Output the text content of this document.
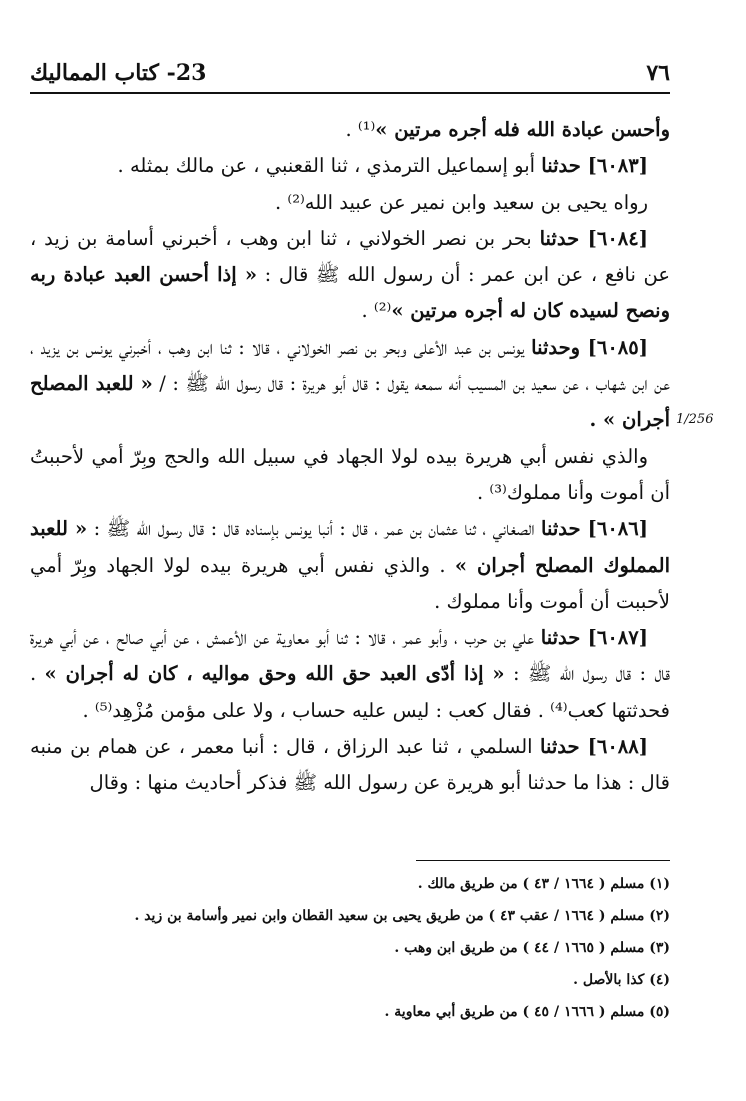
23- كتاب المماليك	٧٦

وأحسن عبادة الله فله أجره مرتين »⁽¹⁾ .

[٦٠٨٣] حدثنا أبو إسماعيل الترمذي ، ثنا القعنبي ، عن مالك بمثله .

رواه يحيى بن سعيد وابن نمير عن عبيد الله⁽²⁾ .

[٦٠٨٤] حدثنا بحر بن نصر الخولاني ، ثنا ابن وهب ، أخبرني أسامة بن زيد ، عن نافع ، عن ابن عمر : أن رسول الله ﷺ قال : « إذا أحسن العبد عبادة ربه ونصح لسيده كان له أجره مرتين »⁽²⁾ .

[٦٠٨٥] وحدثنا يونس بن عبد الأعلى وبحر بن نصر الخولاني ، قالا : ثنا ابن وهب ، أخبرني يونس بن يزيد ، عن ابن شهاب ، عن سعيد بن المسيب أنه سمعه يقول : قال أبو هريرة : قال رسول الله ﷺ : / « للعبد المصلح أجران » .

والذي نفس أبي هريرة بيده لولا الجهاد في سبيل الله والحج وبِرّ أمي لأحببتُ أن أموت وأنا مملوك⁽³⁾ .

[٦٠٨٦] حدثنا الصغاني ، ثنا عثمان بن عمر ، قال : أنبا يونس بإسناده قال : قال رسول الله ﷺ : « للعبد المملوك المصلح أجران » . والذي نفس أبي هريرة بيده لولا الجهاد وبِرّ أمي لأحببت أن أموت وأنا مملوك .

[٦٠٨٧] حدثنا علي بن حرب ، وأبو عمر ، قالا : ثنا أبو معاوية عن الأعمش ، عن أبي صالح ، عن أبي هريرة قال : قال رسول الله ﷺ : « إذا أدّى العبد حق الله وحق مواليه ، كان له أجران » . فحدثتها كعب⁽⁴⁾ . فقال كعب : ليس عليه حساب ، ولا على مؤمن مُزْهِد⁽⁵⁾ .

[٦٠٨٨] حدثنا السلمي ، ثنا عبد الرزاق ، قال : أنبا معمر ، عن همام بن منبه قال : هذا ما حدثنا أبو هريرة عن رسول الله ﷺ فذكر أحاديث منها : وقال

1/256

(١) مسلم ( ١٦٦٤ / ٤٣ ) من طريق مالك .

(٢) مسلم ( ١٦٦٤ / عقب ٤٣ ) من طريق يحيى بن سعيد القطان وابن نمير وأسامة بن زيد .

(٣) مسلم ( ١٦٦٥ / ٤٤ ) من طريق ابن وهب .

(٤) كذا بالأصل .

(٥) مسلم ( ١٦٦٦ / ٤٥ ) من طريق أبي معاوية .
